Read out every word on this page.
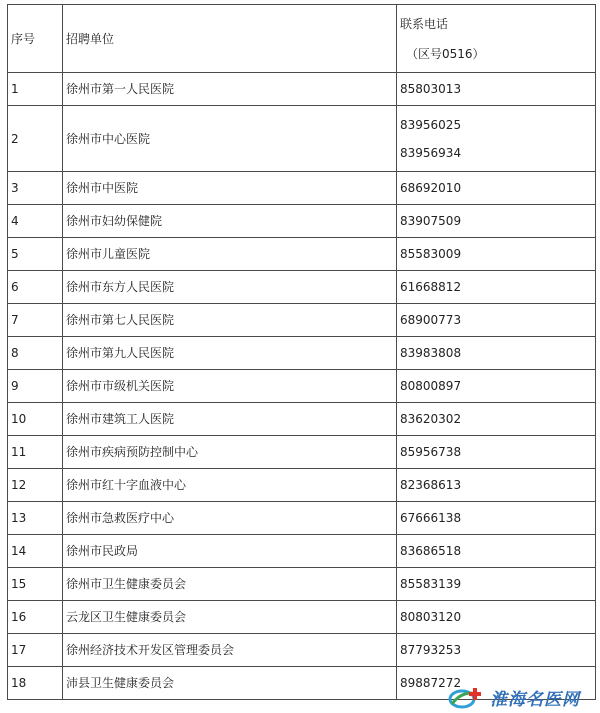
序号	招聘单位	联系电话
（区号0516）

1	徐州市第一人民医院	85803013

2	徐州市中心医院	83956025
83956934

3	徐州市中医院	68692010

4	徐州市妇幼保健院	83907509

5	徐州市儿童医院	85583009

6	徐州市东方人民医院	61668812

7	徐州市第七人民医院	68900773

8	徐州市第九人民医院	83983808

9	徐州市市级机关医院	80800897

10	徐州市建筑工人医院	83620302

11	徐州市疾病预防控制中心	85956738

12	徐州市红十字血液中心	82368613

13	徐州市急救医疗中心	67666138

14	徐州市民政局	83686518

15	徐州市卫生健康委员会	85583139

16	云龙区卫生健康委员会	80803120

17	徐州经济技术开发区管理委员会	87793253

18	沛县卫生健康委员会	89887272
淮海名医网
